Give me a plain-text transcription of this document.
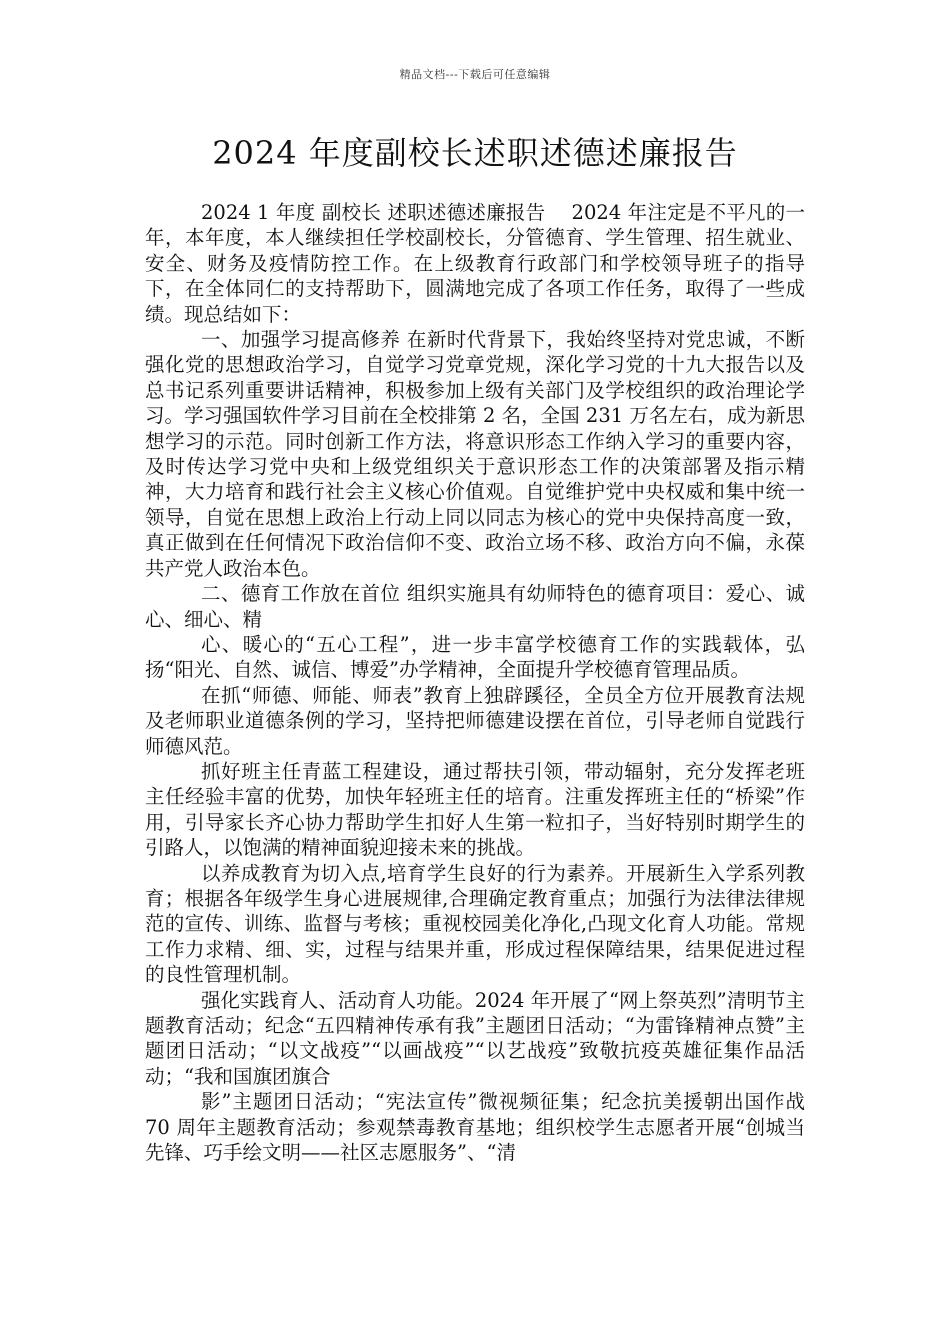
精品文档---下载后可任意编辑
2024 年度副校长述职述德述廉报告

2024 1 年度 副校长 述职述德述廉报告　 2024 年注定是不平凡的一年，本年度，本人继续担任学校副校长，分管德育、学生管理、招生就业、安全、财务及疫情防控工作。在上级教育行政部门和学校领导班子的指导下，在全体同仁的支持帮助下，圆满地完成了各项工作任务，取得了一些成绩。现总结如下：

一、加强学习提高修养 在新时代背景下，我始终坚持对党忠诚，不断强化党的思想政治学习，自觉学习党章党规，深化学习党的十九大报告以及总书记系列重要讲话精神，积极参加上级有关部门及学校组织的政治理论学习。学习强国软件学习目前在全校排第 2 名，全国 231 万名左右，成为新思想学习的示范。同时创新工作方法，将意识形态工作纳入学习的重要内容，及时传达学习党中央和上级党组织关于意识形态工作的决策部署及指示精神，大力培育和践行社会主义核心价值观。自觉维护党中央权威和集中统一领导，自觉在思想上政治上行动上同以同志为核心的党中央保持高度一致，真正做到在任何情况下政治信仰不变、政治立场不移、政治方向不偏，永葆共产党人政治本色。

二、德育工作放在首位 组织实施具有幼师特色的德育项目：爱心、诚心、细心、精

心、暖心的“五心工程”，进一步丰富学校德育工作的实践载体，弘扬“阳光、自然、诚信、博爱”办学精神，全面提升学校德育管理品质。

在抓“师德、师能、师表”教育上独辟蹊径，全员全方位开展教育法规及老师职业道德条例的学习，坚持把师德建设摆在首位，引导老师自觉践行师德风范。

抓好班主任青蓝工程建设，通过帮扶引领，带动辐射，充分发挥老班主任经验丰富的优势，加快年轻班主任的培育。注重发挥班主任的“桥梁”作用，引导家长齐心协力帮助学生扣好人生第一粒扣子，当好特别时期学生的引路人，以饱满的精神面貌迎接未来的挑战。

以养成教育为切入点,培育学生良好的行为素养。开展新生入学系列教育；根据各年级学生身心进展规律,合理确定教育重点；加强行为法律法律规范的宣传、训练、监督与考核；重视校园美化净化,凸现文化育人功能。常规工作力求精、细、实，过程与结果并重，形成过程保障结果，结果促进过程的良性管理机制。

强化实践育人、活动育人功能。2024 年开展了“网上祭英烈”清明节主题教育活动；纪念“五四精神传承有我”主题团日活动；“为雷锋精神点赞”主题团日活动；“以文战疫”“以画战疫”“以艺战疫”致敬抗疫英雄征集作品活动；“我和国旗团旗合

影”主题团日活动；“宪法宣传”微视频征集；纪念抗美援朝出国作战 70 周年主题教育活动；参观禁毒教育基地；组织校学生志愿者开展“创城当先锋、巧手绘文明——社区志愿服务”、“清
